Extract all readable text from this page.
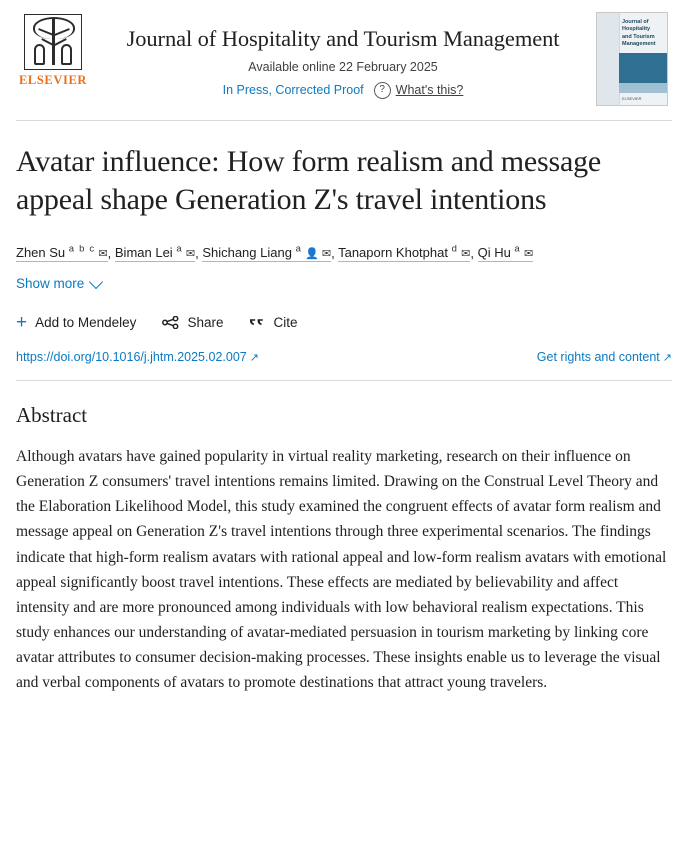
ELSEVIER
Journal of Hospitality and Tourism Management
Available online 22 February 2025
In Press, Corrected Proof	? What's this?
Journal of
Hospitality
and Tourism
Management
ELSEVIER
Avatar influence: How form realism and message appeal shape Generation Z's travel intentions
Zhen Su $^{a b c}$ ✉, Biman Lei $^a$ ✉, Shichang Liang $^a$ 👤 ✉, Tanaporn Khotphat $^d$ ✉, Qi Hu $^a$ ✉
Show more
+ Add to Mendeley	Share	Cite
https://doi.org/10.1016/j.jhtm.2025.02.007 ↗	Get rights and content ↗
Abstract

Although avatars have gained popularity in virtual reality marketing, research on their influence on Generation Z consumers' travel intentions remains limited. Drawing on the Construal Level Theory and the Elaboration Likelihood Model, this study examined the congruent effects of avatar form realism and message appeal on Generation Z's travel intentions through three experimental scenarios. The findings indicate that high-form realism avatars with rational appeal and low-form realism avatars with emotional appeal significantly boost travel intentions. These effects are mediated by believability and affect intensity and are more pronounced among individuals with low behavioral realism expectations. This study enhances our understanding of avatar-mediated persuasion in tourism marketing by linking core avatar attributes to consumer decision-making processes. These insights enable us to leverage the visual and verbal components of avatars to promote destinations that attract young travelers.
